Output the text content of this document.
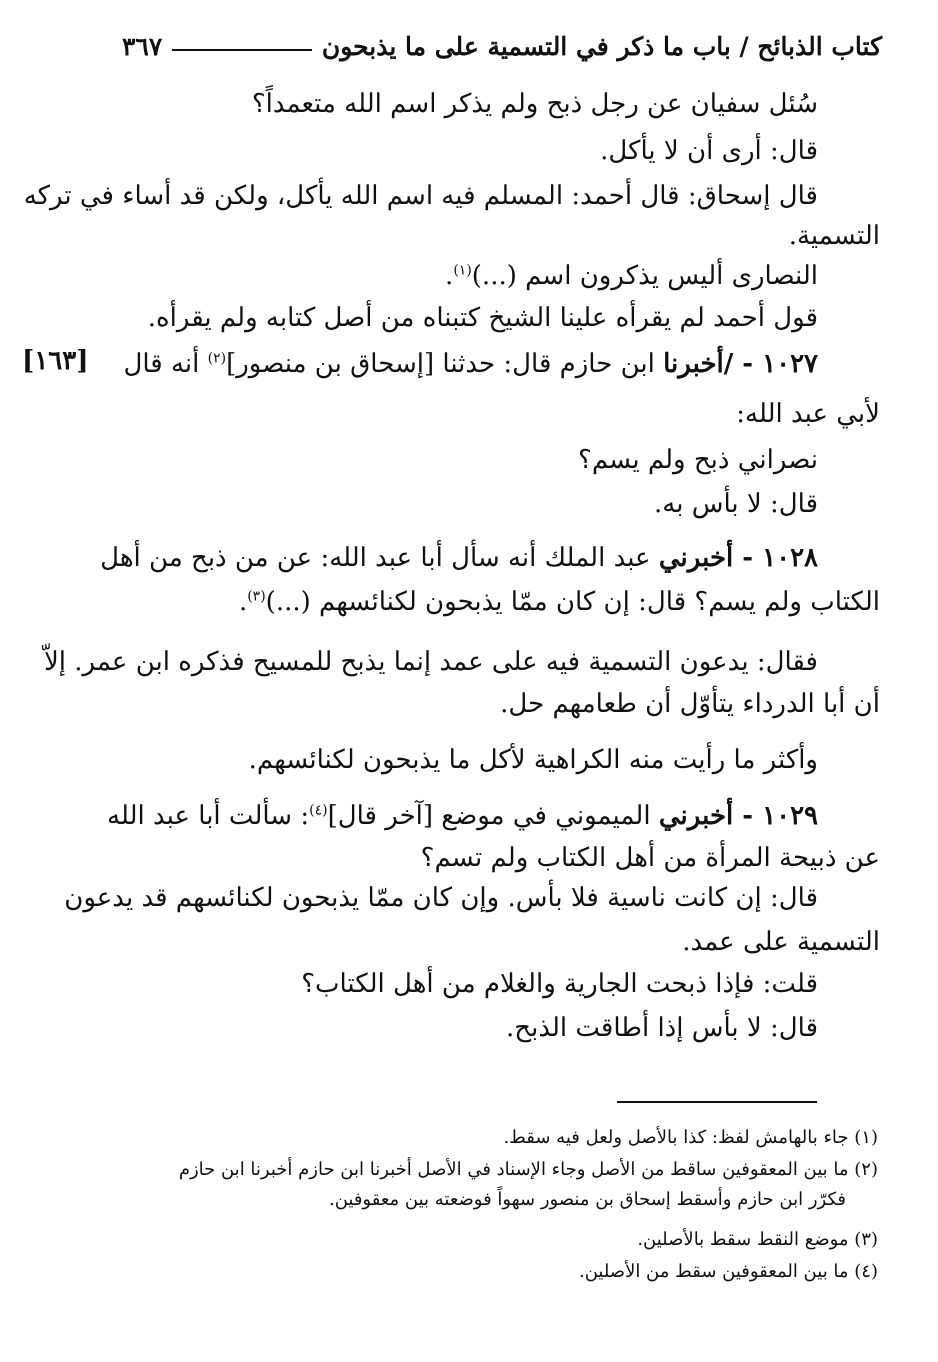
كتاب الذبائح / باب ما ذكر في التسمية على ما يذبحون
٣٦٧
سُئل سفيان عن رجل ذبح ولم يذكر اسم الله متعمداً؟
قال: أرى أن لا يأكل.
قال إسحاق: قال أحمد: المسلم فيه اسم الله يأكل، ولكن قد أساء في تركه
التسمية.
النصارى أليس يذكرون اسم (...)$^{(١)}$.
قول أحمد لم يقرأه علينا الشيخ كتبناه من أصل كتابه ولم يقرأه.
[١٦٣]	١٠٢٧ - /أخبرنا ابن حازم قال: حدثنا [إسحاق بن منصور]$^{(٢)}$ أنه قال
لأبي عبد الله:
نصراني ذبح ولم يسم؟
قال: لا بأس به.
١٠٢٨ - أخبرني عبد الملك أنه سأل أبا عبد الله: عن من ذبح من أهل
الكتاب ولم يسم؟ قال: إن كان ممّا يذبحون لكنائسهم (...)$^{(٣)}$.
فقال: يدعون التسمية فيه على عمد إنما يذبح للمسيح فذكره ابن عمر. إلاّ
أن أبا الدرداء يتأوّل أن طعامهم حل.
وأكثر ما رأيت منه الكراهية لأكل ما يذبحون لكنائسهم.
١٠٢٩ - أخبرني الميموني في موضع [آخر قال]$^{(٤)}$: سألت أبا عبد الله
عن ذبيحة المرأة من أهل الكتاب ولم تسم؟
قال: إن كانت ناسية فلا بأس. وإن كان ممّا يذبحون لكنائسهم قد يدعون
التسمية على عمد.
قلت: فإذا ذبحت الجارية والغلام من أهل الكتاب؟
قال: لا بأس إذا أطاقت الذبح.
(١) جاء بالهامش لفظ: كذا بالأصل ولعل فيه سقط.
(٢) ما بين المعقوفين ساقط من الأصل وجاء الإسناد في الأصل أخبرنا ابن حازم أخبرنا ابن حازم
فكرّر ابن حازم وأسقط إسحاق بن منصور سهواً فوضعته بين معقوفين.
(٣) موضع النقط سقط بالأصلين.
(٤) ما بين المعقوفين سقط من الأصلين.
